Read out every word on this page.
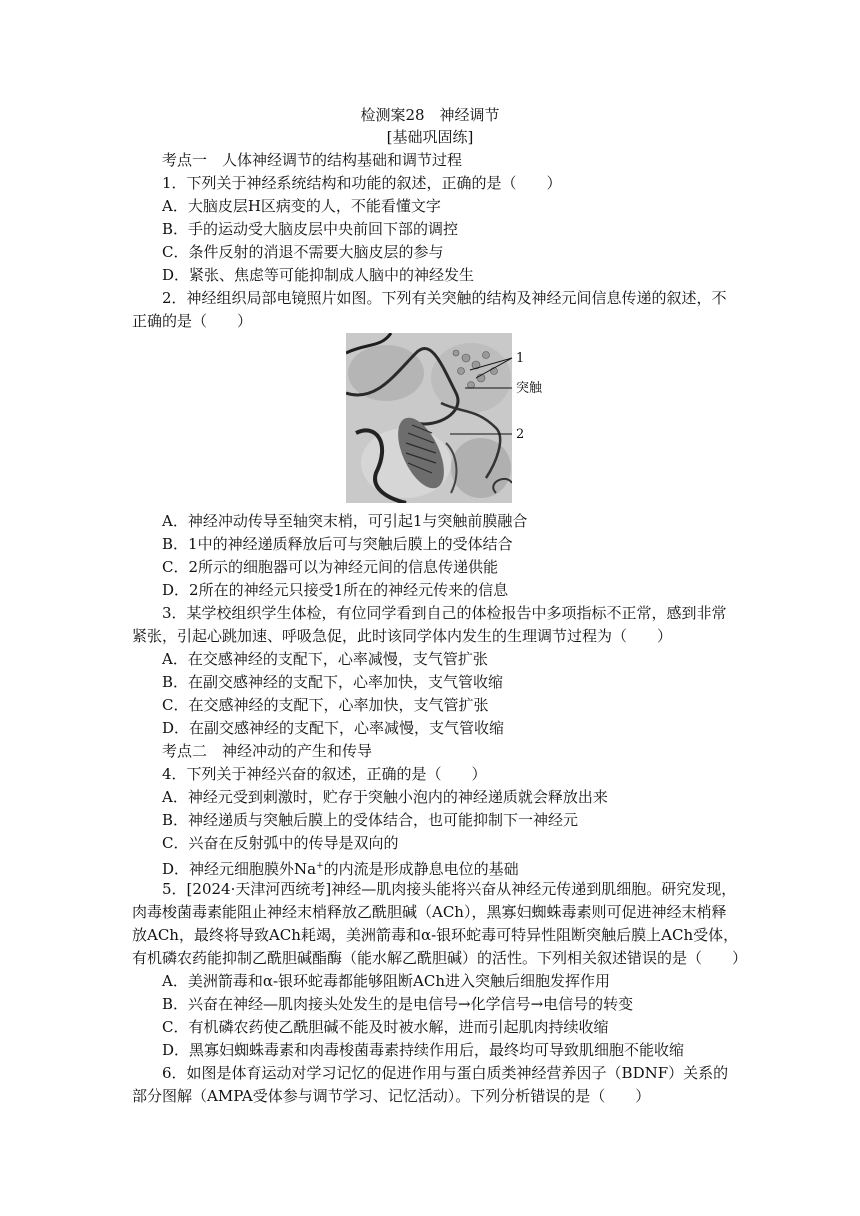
检测案28　神经调节
[基础巩固练]
考点一　人体神经调节的结构基础和调节过程
1．下列关于神经系统结构和功能的叙述，正确的是（　　）
A．大脑皮层H区病变的人，不能看懂文字
B．手的运动受大脑皮层中央前回下部的调控
C．条件反射的消退不需要大脑皮层的参与
D．紧张、焦虑等可能抑制成人脑中的神经发生
2．神经组织局部电镜照片如图。下列有关突触的结构及神经元间信息传递的叙述，不
正确的是（　　）
1
突触
2
A．神经冲动传导至轴突末梢，可引起1与突触前膜融合
B．1中的神经递质释放后可与突触后膜上的受体结合
C．2所示的细胞器可以为神经元间的信息传递供能
D．2所在的神经元只接受1所在的神经元传来的信息
3．某学校组织学生体检，有位同学看到自己的体检报告中多项指标不正常，感到非常
紧张，引起心跳加速、呼吸急促，此时该同学体内发生的生理调节过程为（　　）
A．在交感神经的支配下，心率减慢，支气管扩张
B．在副交感神经的支配下，心率加快，支气管收缩
C．在交感神经的支配下，心率加快，支气管扩张
D．在副交感神经的支配下，心率减慢，支气管收缩
考点二　神经冲动的产生和传导
4．下列关于神经兴奋的叙述，正确的是（　　）
A．神经元受到刺激时，贮存于突触小泡内的神经递质就会释放出来
B．神经递质与突触后膜上的受体结合，也可能抑制下一神经元
C．兴奋在反射弧中的传导是双向的
D．神经元细胞膜外Na+的内流是形成静息电位的基础
5．[2024·天津河西统考]神经—肌肉接头能将兴奋从神经元传递到肌细胞。研究发现，
肉毒梭菌毒素能阻止神经末梢释放乙酰胆碱（ACh），黑寡妇蜘蛛毒素则可促进神经末梢释
放ACh，最终将导致ACh耗竭，美洲箭毒和α-银环蛇毒可特异性阻断突触后膜上ACh受体，
有机磷农药能抑制乙酰胆碱酯酶（能水解乙酰胆碱）的活性。下列相关叙述错误的是（　　）
A．美洲箭毒和α-银环蛇毒都能够阻断ACh进入突触后细胞发挥作用
B．兴奋在神经—肌肉接头处发生的是电信号→化学信号→电信号的转变
C．有机磷农药使乙酰胆碱不能及时被水解，进而引起肌肉持续收缩
D．黑寡妇蜘蛛毒素和肉毒梭菌毒素持续作用后，最终均可导致肌细胞不能收缩
6．如图是体育运动对学习记忆的促进作用与蛋白质类神经营养因子（BDNF）关系的
部分图解（AMPA受体参与调节学习、记忆活动）。下列分析错误的是（　　）
